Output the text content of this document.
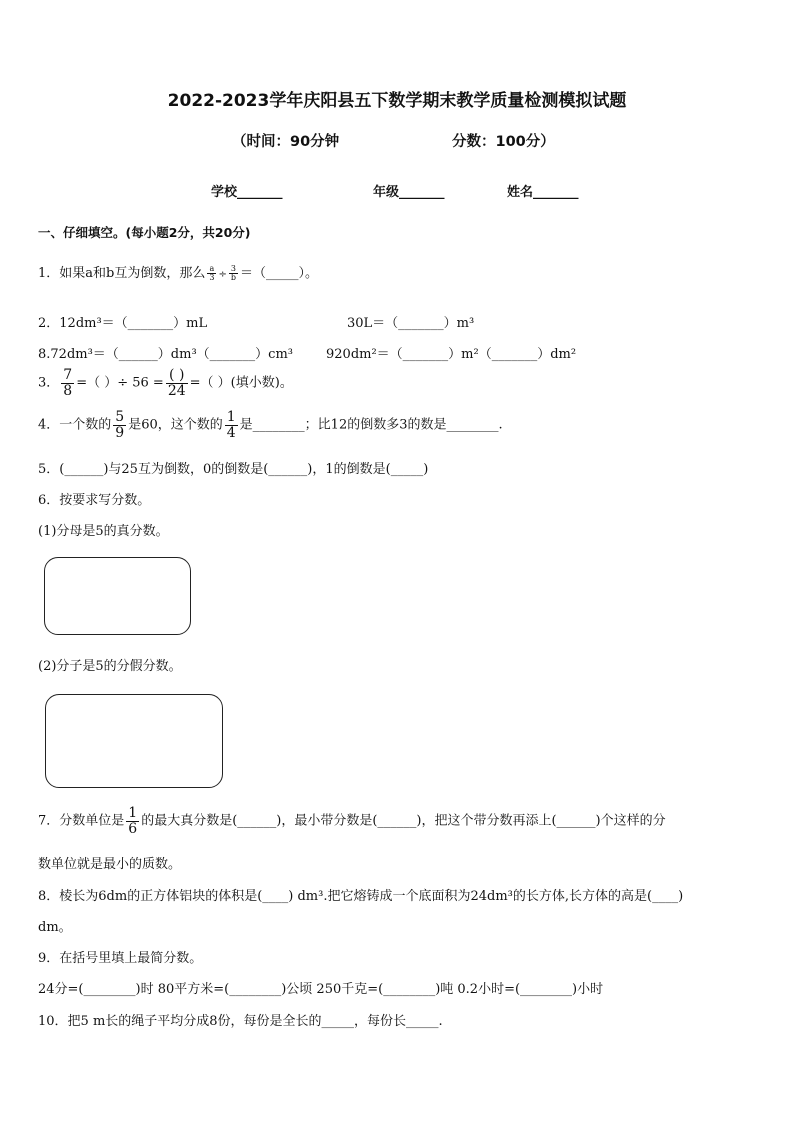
2022-2023学年庆阳县五下数学期末教学质量检测模拟试题
（时间：90分钟	分数：100分）
学校_______	年级_______	姓名_______
一、仔细填空。(每小题2分，共20分)
1．如果a和b互为倒数，那么 $\frac{a}{3} \div \frac{3}{b}$ ＝（_____）。
2．12dm³＝（_______）mL	30L＝（_______）m³
8.72dm³＝（______）dm³（_______）cm³	920dm²＝（_______）m²（_______）dm²
3． $\frac{7}{8}$ =（ ）÷ $56 = \frac{( )}{24}$ =（ ）(填小数)。
4．一个数的 $\frac{5}{9}$ 是60，这个数的 $\frac{1}{4}$ 是________；比12的倒数多3的数是________.
5．(______)与25互为倒数，0的倒数是(______)，1的倒数是(_____)
6．按要求写分数。
(1)分母是5的真分数。
(2)分子是5的分假分数。
7．分数单位是 $\frac{1}{6}$ 的最大真分数是(______)，最小带分数是(______)，把这个带分数再添上(______)个这样的分
数单位就是最小的质数。
8．棱长为6dm的正方体铝块的体积是(____) dm³.把它熔铸成一个底面积为24dm³的长方体,长方体的高是(____)
dm。
9．在括号里填上最简分数。
24分=(________)时 80平方米=(________)公顷 250千克=(________)吨 0.2小时=(________)小时
10．把5 m长的绳子平均分成8份，每份是全长的_____，每份长_____.
